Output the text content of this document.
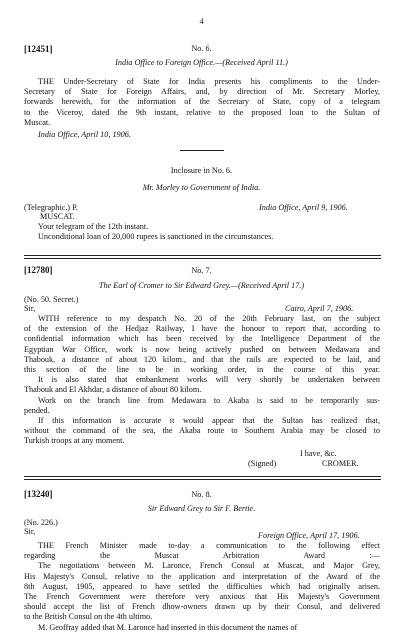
4
[12451]	No. 6.
India Office to Foreign Office.—(Received April 11.)
THE Under-Secretary of State for India presents his compliments to the Under-
Secretary of State for Foreign Affairs, and, by direction of Mr. Secretary Morley,
forwards herewith, for the information of the Secretary of State, copy of a telegram
to the Viceroy, dated the 9th instant, relative to the proposed loan to the Sultan of
Muscat.
India Office, April 10, 1906.
Inclosure in No. 6.
Mr. Morley to Government of India.
(Telegraphic.) P.	India Office, April 9, 1906.
MUSCAT.
Your telegram of the 12th instant.
Unconditional loan of 20,000 rupees is sanctioned in the circumstances.
[12780]	No. 7.
The Earl of Cromer to Sir Edward Grey.—(Received April 17.)
(No. 50. Secret.)
Sir,	Cairo, April 7, 1906.
WITH reference to my despatch No. 20 of the 20th February last, on the subject
of the extension of the Hedjaz Railway, I have the honour to report that, according to
confidential information which has been received by the Intelligence Department of the
Egyptian War Office, work is now being actively pushed on between Medawara and
Thabouk, a distance of about 120 kilom., and that the rails are expected to be laid, and
this section of the line to be in working order, in the course of this year.
It is also stated that embankment works will very shortly be undertaken between
Thabouk and El Akhdar, a distance of about 80 kilom.
Work on the branch line from Medawara to Akaba is said to be temporarily sus-
pended.
If this information is accurate it would appear that the Sultan has realized that,
without the command of the sea, the Akaba route to Southern Arabia may be closed to
Turkish troops at any moment.
I have, &c.
(Signed)	CROMER.
[13240]	No. 8.
Sir Edward Grey to Sir F. Bertie.
(No. 226.)
Sir,	Foreign Office, April 17, 1906.
THE French Minister made to-day a communication to the following effect
regarding the Muscat Arbitration Award :—
The negotiations between M. Laronce, French Consul at Muscat, and Major Grey,
His Majesty's Consul, relative to the application and interpretation of the Award of the
8th August, 1905, appeared to have settled the difficulties which had originally arisen.
The French Government were therefore very anxious that His Majesty's Government
should accept the list of French dhow-owners drawn up by their Consul, and delivered
to the British Consul on the 4th ultimo.
M. Geoffray added that M. Laronce had inserted in this document the names of
